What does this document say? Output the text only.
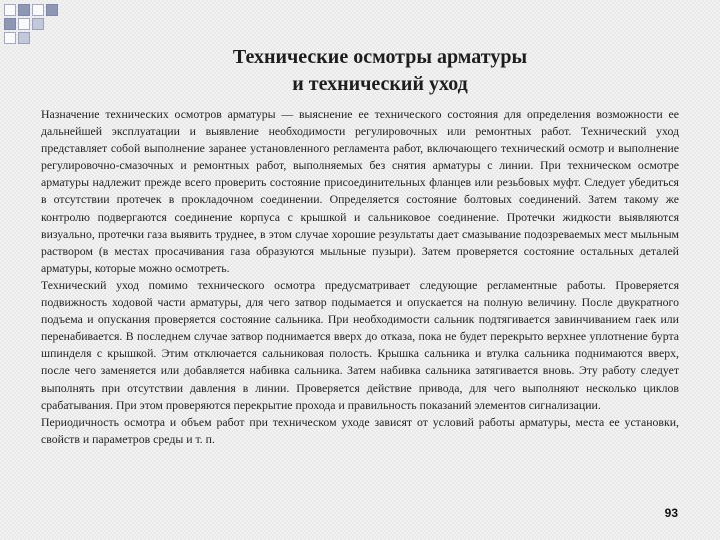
Технические осмотры арматуры
и технический уход

Назначение технических осмотров арматуры — выяснение ее технического состояния для определения возможности ее дальнейшей эксплуатации и выявление необходимости регулировочных или ремонтных работ. Технический уход представляет собой выполнение заранее установленного регламента работ, включающего технический осмотр и выполнение регулировочно-смазочных и ремонтных работ, выполняемых без снятия арматуры с линии. При техническом осмотре арматуры надлежит прежде всего проверить состояние присоединительных фланцев или резьбовых муфт. Следует убедиться в отсутствии протечек в прокладочном соединении. Определяется состояние болтовых соединений. Затем такому же контролю подвергаются соединение корпуса с крышкой и сальниковое соединение. Протечки жидкости выявляются визуально, протечки газа выявить труднее, в этом случае хорошие результаты дает смазывание подозреваемых мест мыльным раствором (в местах просачивания газа образуются мыльные пузыри). Затем проверяется состояние остальных деталей арматуры, которые можно осмотреть.

Технический уход помимо технического осмотра предусматривает следующие регламентные работы. Проверяется подвижность ходовой части арматуры, для чего затвор подымается и опускается на полную величину. После двукратного подъема и опускания проверяется состояние сальника. При необходимости сальник подтягивается завинчиванием гаек или перенабивается. В последнем случае затвор поднимается вверх до отказа, пока не будет перекрыто верхнее уплотнение бурта шпинделя с крышкой. Этим отключается сальниковая полость. Крышка сальника и втулка сальника поднимаются вверх, после чего заменяется или добавляется набивка сальника. Затем набивка сальника затягивается вновь. Эту работу следует выполнять при отсутствии давления в линии. Проверяется действие привода, для чего выполняют несколько циклов срабатывания. При этом проверяются перекрытие прохода и правильность показаний элементов сигнализации.

Периодичность осмотра и объем работ при техническом уходе зависят от условий работы арматуры, места ее установки, свойств и параметров среды и т. п.

93
